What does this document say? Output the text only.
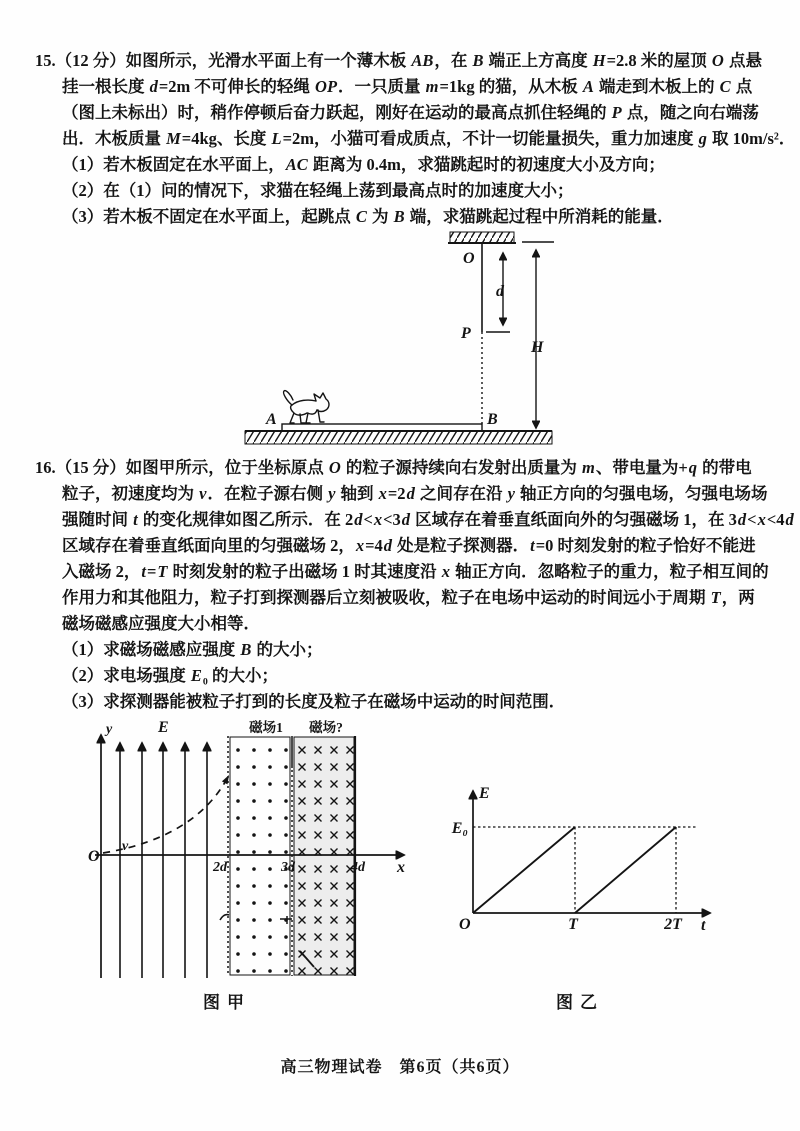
15.（12 分）如图所示，光滑水平面上有一个薄木板 AB，在 B 端正上方高度 H=2.8 米的屋顶 O 点悬
挂一根长度 d=2m 不可伸长的轻绳 OP．一只质量 m=1kg 的猫，从木板 A 端走到木板上的 C 点
（图上未标出）时，稍作停顿后奋力跃起，刚好在运动的最高点抓住轻绳的 P 点，随之向右端荡
出．木板质量 M=4kg、长度 L=2m，小猫可看成质点，不计一切能量损失，重力加速度 g 取 10m/s²．
（1）若木板固定在水平面上，AC 距离为 0.4m，求猫跳起时的初速度大小及方向；
（2）在（1）问的情况下，求猫在轻绳上荡到最高点时的加速度大小；
（3）若木板不固定在水平面上，起跳点 C 为 B 端，求猫跳起过程中所消耗的能量．
O
d
P
H
A	B
16.（15 分）如图甲所示，位于坐标原点 O 的粒子源持续向右发射出质量为 m、带电量为+q 的带电
粒子，初速度均为 v．在粒子源右侧 y 轴到 x=2d 之间存在沿 y 轴正方向的匀强电场，匀强电场场
强随时间 t 的变化规律如图乙所示．在 2d<x<3d 区域存在着垂直纸面向外的匀强磁场 1，在 3d<x<4d
区域存在着垂直纸面向里的匀强磁场 2，x=4d 处是粒子探测器．t=0 时刻发射的粒子恰好不能进
入磁场 2，t=T 时刻发射的粒子出磁场 1 时其速度沿 x 轴正方向．忽略粒子的重力，粒子相互间的
作用力和其他阻力，粒子打到探测器后立刻被吸收，粒子在电场中运动的时间远小于周期 T，两
磁场磁感应强度大小相等．
（1）求磁场磁感应强度 B 的大小；
（2）求电场强度 E₀ 的大小；
（3）求探测器能被粒子打到的长度及粒子在磁场中运动的时间范围．
y	E	磁场1 磁场?
O
v
2d	3d	4d x
图甲
E
E₀
O	T	2T t
图乙
高三物理试卷　第6页（共6页）
